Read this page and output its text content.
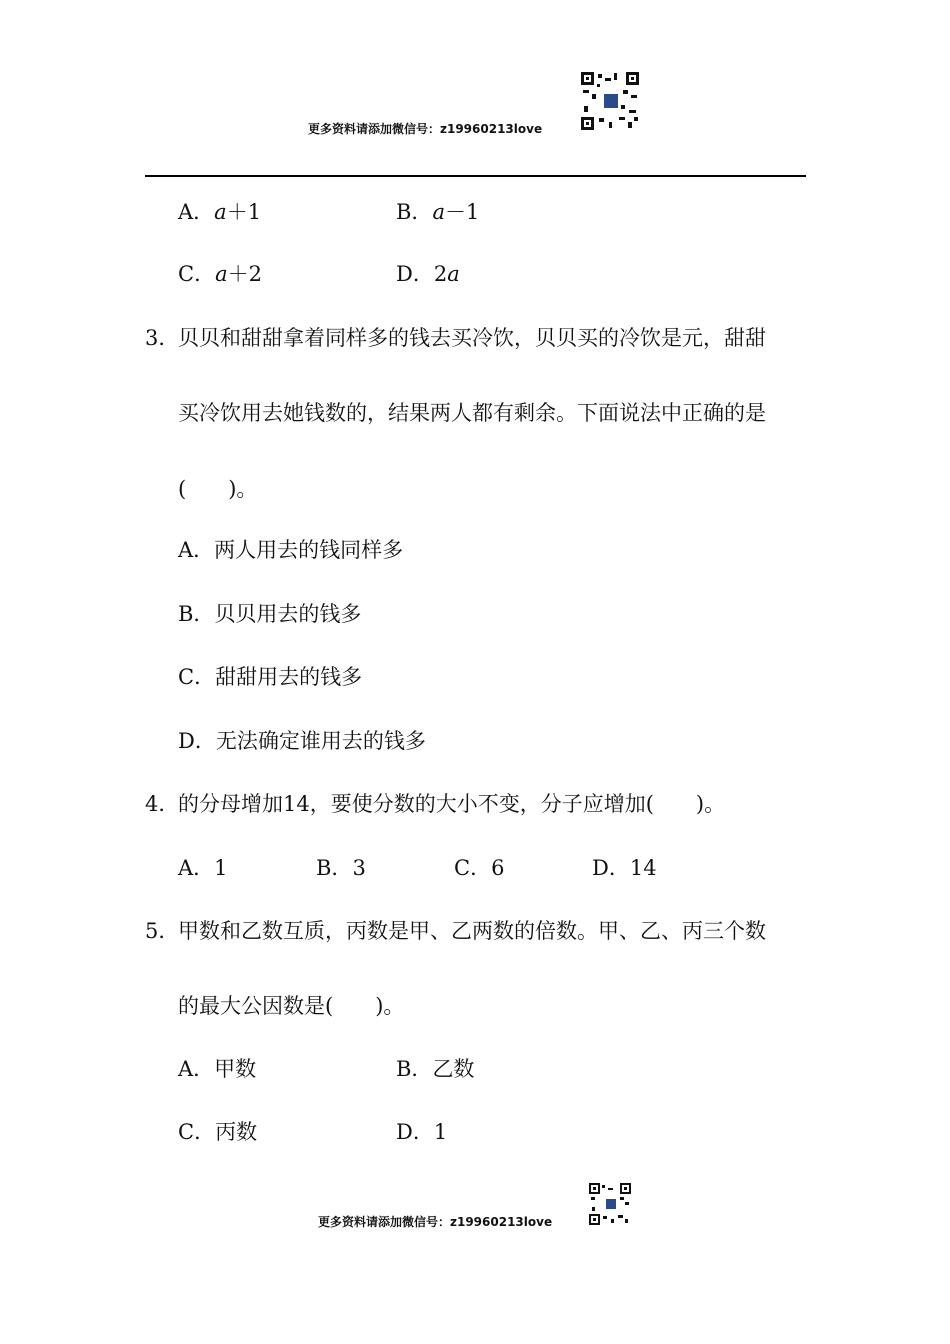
更多资料请添加微信号：z19960213love
A．a＋1	B．a－1
C．a＋2	D．2a
3．
贝贝和甜甜拿着同样多的钱去买冷饮，贝贝买的冷饮是元，甜甜
买冷饮用去她钱数的，结果两人都有剩余。下面说法中正确的是
(　　)。
A．两人用去的钱同样多
B．贝贝用去的钱多
C．甜甜用去的钱多
D．无法确定谁用去的钱多
4．
的分母增加14，要使分数的大小不变，分子应增加(　　)。
A．1	B．3	C．6	D．14
5．
甲数和乙数互质，丙数是甲、乙两数的倍数。甲、乙、丙三个数
的最大公因数是(　　)。
A．甲数	B．乙数
C．丙数	D．1
更多资料请添加微信号：z19960213love
